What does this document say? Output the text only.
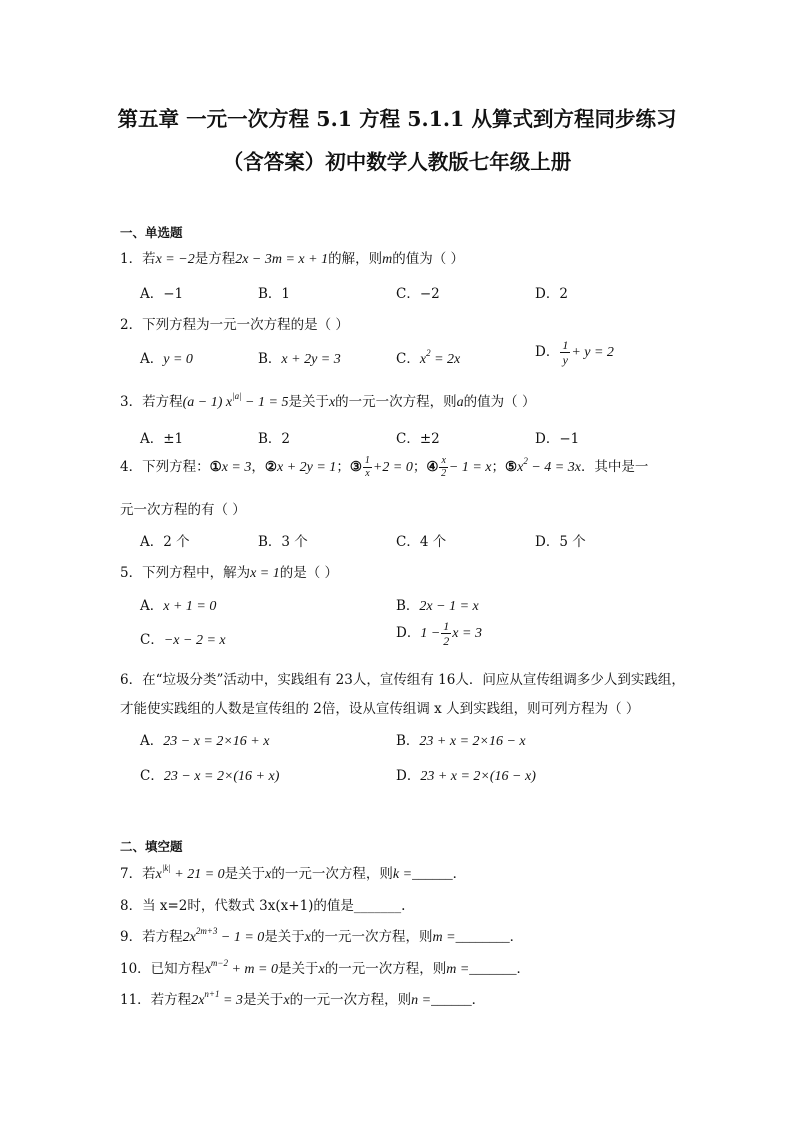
第五章 一元一次方程 5.1 方程 5.1.1 从算式到方程同步练习
（含答案）初中数学人教版七年级上册
一、单选题
1．若x = −2是方程2x − 3m = x + 1的解，则m的值为（ ）
A．−1	B．1	C．−2	D．2
2．下列方程为一元一次方程的是（ ）
A．y = 0	B．x + 2y = 3	C．$x^2 = 2x$	D． $\frac{1}{y} + y = 2$
3．若方程(a − 1) $x^{|a|} - 1 = 5$是关于x的一元一次方程，则a的值为（ ）
A．±1	B．2	C．±2	D．−1
4．下列方程：①x = 3，②x + 2y = 1；③ $\frac{1}{x} +2 = 0$；④ $\frac{x}{2} - 1 = x$；$⑤x^2 - 4 = 3x$．其中是一
元一次方程的有（ ）
A．2 个	B．3 个	C．4 个	D．5 个
5．下列方程中，解为x = 1的是（ ）
A．x + 1 = 0	B．2x − 1 = x
C．−x − 2 = x	D．$1 - \frac{1}{2}$ x = 3
6．在“垃圾分类”活动中，实践组有 23人，宣传组有 16人．问应从宣传组调多少人到实践组，
才能使实践组的人数是宣传组的 2倍，设从宣传组调 x 人到实践组，则可列方程为（ ）
A．23 − x = 2×16 + x	B．23 + x = 2×16 − x
C．23 − x = 2×(16 + x)	D．23 + x = 2×(16 − x)
二、填空题
7．若$x^{|k|} + 21 = 0$是关于x的一元一次方程，则k =______．
8．当 x=2时，代数式 3x(x+1)的值是_______.
9．若方程$2x^{2m+3} - 1 = 0$是关于x的一元一次方程，则m =________．
10．已知方程$x^{m-2} + m = 0$是关于x的一元一次方程，则m =_______．
11．若方程$2x^{n+1} = 3$是关于x的一元一次方程，则n =______．
